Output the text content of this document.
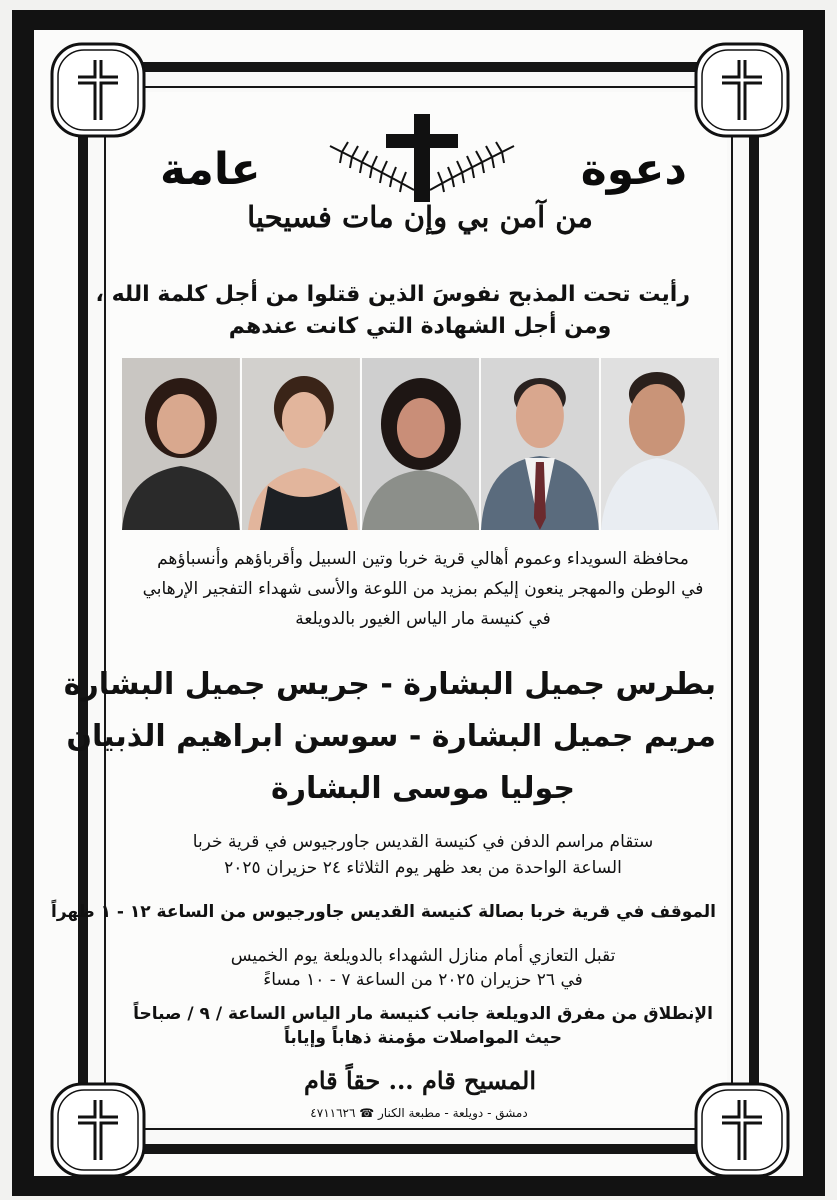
دعوة
عامة
من آمن بي وإن مات فسيحيا
رأيت تحت المذبح نفوسَ الذين قتلوا من أجل كلمة الله ،
ومن أجل الشهادة التي كانت عندهم
محافظة السويداء وعموم أهالي قرية خربا وتين السبيل وأقرباؤهم وأنسباؤهم
في الوطن والمهجر ينعون إليكم بمزيد من اللوعة والأسى شهداء التفجير الإرهابي
في كنيسة مار الياس الغيور بالدويلعة
بطرس جميل البشارة - جريس جميل البشارة
مريم جميل البشارة - سوسن ابراهيم الذبيان
جوليا موسى البشارة
ستقام مراسم الدفن في كنيسة القديس جاورجيوس في قرية خربا
الساعة الواحدة من بعد ظهر يوم الثلاثاء ٢٤ حزيران ٢٠٢٥
الموقف في قرية خربا بصالة كنيسة القديس جاورجيوس من الساعة ١٢ - ١ ظهراً
تقبل التعازي أمام منازل الشهداء بالدويلعة يوم الخميس
في ٢٦ حزيران ٢٠٢٥ من الساعة ٧ - ١٠ مساءً
الإنطلاق من مفرق الدويلعة جانب كنيسة مار الياس الساعة / ٩ / صباحاً
حيث المواصلات مؤمنة ذهاباً وإياباً
المسيح قام ... حقاً قام
دمشق - دويلعة - مطبعة الكنار ☎ ٤٧١١٦٢٦
